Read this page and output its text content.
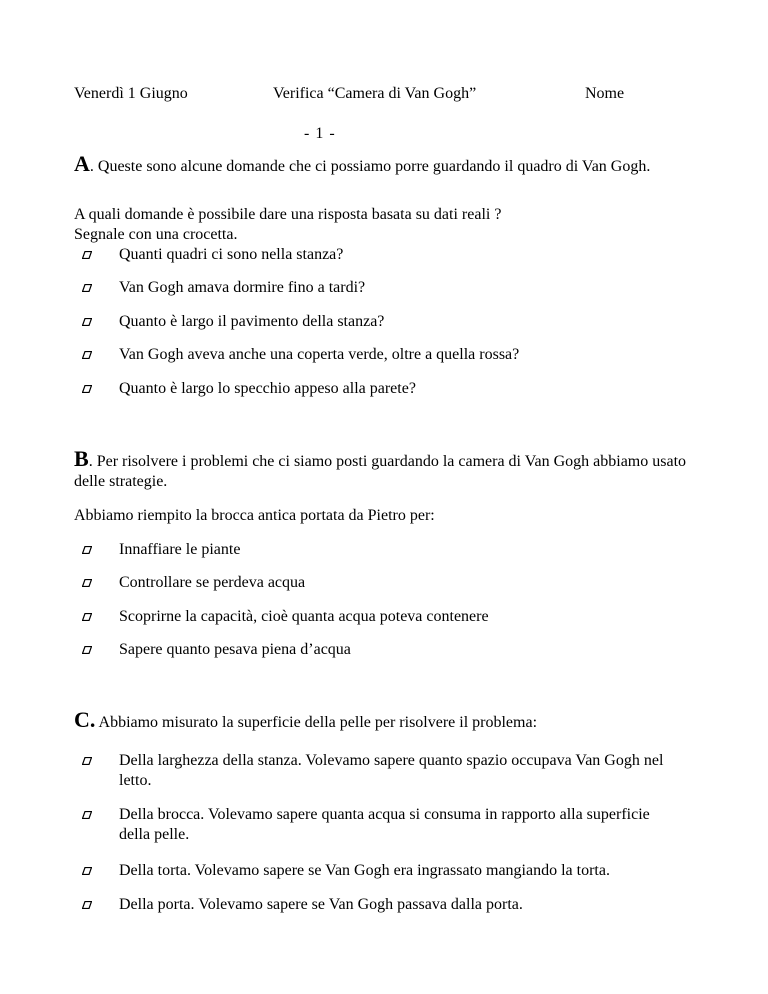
Venerdì 1 Giugno	Verifica “Camera di Van Gogh”	Nome
- 1 -
A. Queste sono alcune domande che ci possiamo porre guardando il quadro di Van Gogh.
A quali domande è possibile dare una risposta basata su dati reali ?
Segnale con una crocetta.
Quanti quadri ci sono nella stanza?
Van Gogh amava dormire fino a tardi?
Quanto è largo il pavimento della stanza?
Van Gogh aveva anche una coperta verde, oltre a quella rossa?
Quanto è largo lo specchio appeso alla parete?
B. Per risolvere i problemi che ci siamo posti guardando la camera di Van Gogh abbiamo usato delle strategie.
Abbiamo riempito la brocca antica portata da Pietro per:
Innaffiare le piante
Controllare se perdeva acqua
Scoprirne la capacità, cioè quanta acqua poteva contenere
Sapere quanto pesava piena d’acqua
C. Abbiamo misurato la superficie della pelle per risolvere il problema:
Della larghezza della stanza. Volevamo sapere quanto spazio occupava Van Gogh nel letto.
Della brocca. Volevamo sapere quanta acqua si consuma in rapporto alla superficie della pelle.
Della torta. Volevamo sapere se Van Gogh era ingrassato mangiando la torta.
Della porta. Volevamo sapere se Van Gogh passava dalla porta.
